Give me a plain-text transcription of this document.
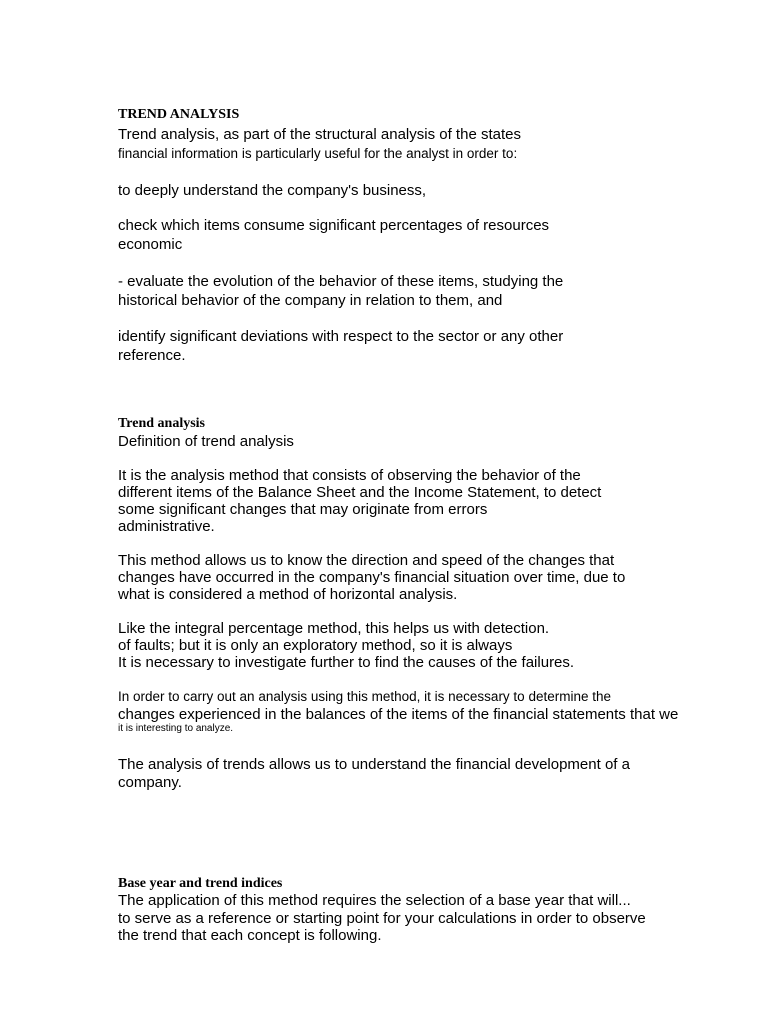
TREND ANALYSIS

Trend analysis, as part of the structural analysis of the states

financial information is particularly useful for the analyst in order to:

to deeply understand the company's business,

check which items consume significant percentages of resources

economic

- evaluate the evolution of the behavior of these items, studying the

historical behavior of the company in relation to them, and

identify significant deviations with respect to the sector or any other

reference.

Trend analysis

Definition of trend analysis

It is the analysis method that consists of observing the behavior of the

different items of the Balance Sheet and the Income Statement, to detect

some significant changes that may originate from errors

administrative.

This method allows us to know the direction and speed of the changes that

changes have occurred in the company's financial situation over time, due to

what is considered a method of horizontal analysis.

Like the integral percentage method, this helps us with detection.

of faults; but it is only an exploratory method, so it is always

It is necessary to investigate further to find the causes of the failures.

In order to carry out an analysis using this method, it is necessary to determine the

changes experienced in the balances of the items of the financial statements that we

it is interesting to analyze.

The analysis of trends allows us to understand the financial development of a

company.

Base year and trend indices

The application of this method requires the selection of a base year that will...

to serve as a reference or starting point for your calculations in order to observe

the trend that each concept is following.
